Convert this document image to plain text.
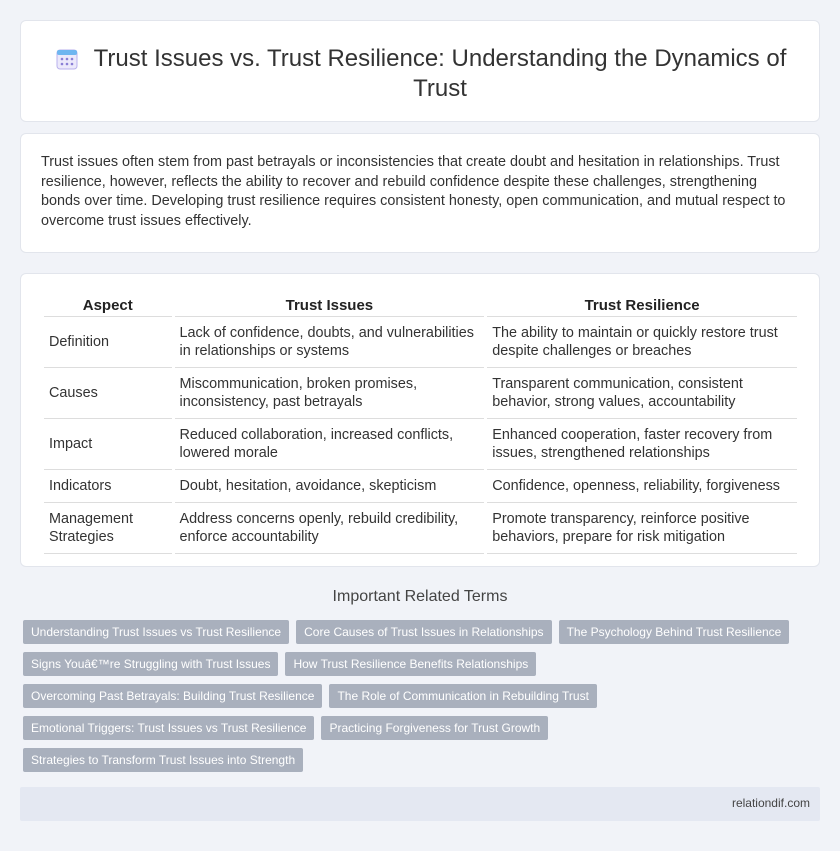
Trust Issues vs. Trust Resilience: Understanding the Dynamics of Trust

Trust issues often stem from past betrayals or inconsistencies that create doubt and hesitation in relationships. Trust resilience, however, reflects the ability to recover and rebuild confidence despite these challenges, strengthening bonds over time. Developing trust resilience requires consistent honesty, open communication, and mutual respect to overcome trust issues effectively.

Aspect	Trust Issues	Trust Resilience
Definition	Lack of confidence, doubts, and vulnerabilities in relationships or systems	The ability to maintain or quickly restore trust despite challenges or breaches
Causes	Miscommunication, broken promises, inconsistency, past betrayals	Transparent communication, consistent behavior, strong values, accountability
Impact	Reduced collaboration, increased conflicts, lowered morale	Enhanced cooperation, faster recovery from issues, strengthened relationships
Indicators	Doubt, hesitation, avoidance, skepticism	Confidence, openness, reliability, forgiveness
Management Strategies	Address concerns openly, rebuild credibility, enforce accountability	Promote transparency, reinforce positive behaviors, prepare for risk mitigation
Important Related Terms
Understanding Trust Issues vs Trust Resilience	Core Causes of Trust Issues in Relationships	The Psychology Behind Trust Resilience
Signs Youâ€™re Struggling with Trust Issues	How Trust Resilience Benefits Relationships
Overcoming Past Betrayals: Building Trust Resilience	The Role of Communication in Rebuilding Trust
Emotional Triggers: Trust Issues vs Trust Resilience	Practicing Forgiveness for Trust Growth
Strategies to Transform Trust Issues into Strength
relationdif.com
